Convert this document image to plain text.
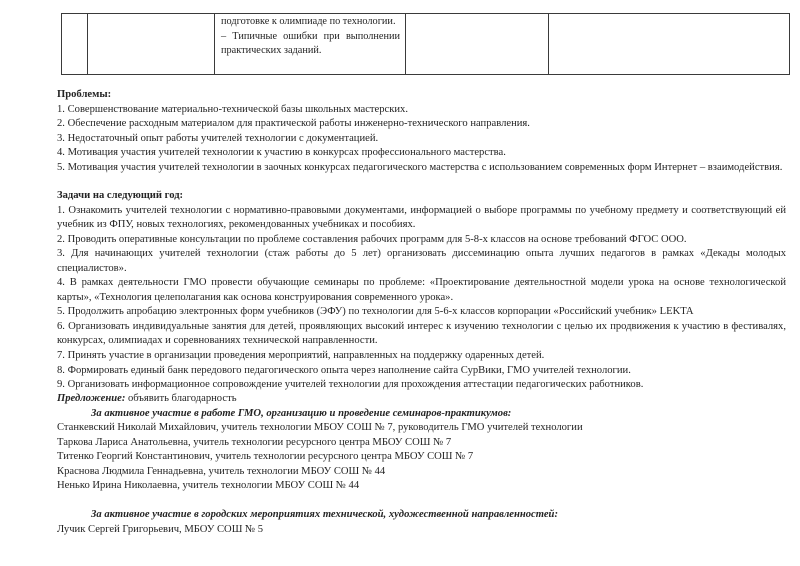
подготовке к олимпиаде по технологии.

– Типичные ошибки при выполнении практических заданий.

Проблемы:

1. Совершенствование материально-технической базы школьных мастерских.

2. Обеспечение расходным материалом для практической работы инженерно-технического направления.

3. Недостаточный опыт работы учителей технологии с документацией.

4. Мотивация участия учителей технологии к участию в конкурсах профессионального мастерства.

5. Мотивация участия учителей технологии в заочных конкурсах педагогического мастерства с использованием современных форм Интернет – взаимодействия.

Задачи на следующий год:

1. Ознакомить учителей технологии с нормативно-правовыми документами, информацией о выборе программы по учебному предмету и соответствующий ей учебник из ФПУ, новых технологиях, рекомендованных учебниках и пособиях.

2. Проводить оперативные консультации по проблеме составления рабочих программ для 5-8-х классов на основе требований ФГОС ООО.

3. Для начинающих учителей технологии (стаж работы до 5 лет) организовать диссеминацию опыта лучших педагогов в рамках «Декады молодых специалистов».

4. В рамках деятельности ГМО провести обучающие семинары по проблеме: «Проектирование деятельностной модели урока на основе технологической карты», «Технология целеполагания как основа конструирования современного урока».

5. Продолжить апробацию электронных форм учебников (ЭФУ) по технологии для 5-6-х классов корпорации «Российский учебник» LEKTA

6. Организовать индивидуальные занятия для детей, проявляющих высокий интерес к изучению технологии с целью их продвижения к участию в фестивалях, конкурсах, олимпиадах и соревнованиях технической направленности.

7. Принять участие в организации проведения мероприятий, направленных на поддержку одаренных детей.

8. Формировать единый банк передового педагогического опыта через наполнение сайта СурВики, ГМО учителей технологии.

9. Организовать информационное сопровождение учителей технологии для прохождения аттестации педагогических работников.

Предложение: объявить благодарность

За активное участие в работе ГМО, организацию и проведение семинаров-практикумов:

Станкевский Николай Михайлович, учитель технологии МБОУ СОШ № 7, руководитель ГМО учителей технологии

Таркова Лариса Анатольевна, учитель технологии ресурсного центра МБОУ СОШ № 7

Титенко Георгий Константинович, учитель технологии ресурсного центра МБОУ СОШ № 7

Краснова Людмила Геннадьевна, учитель технологии МБОУ СОШ № 44

Ненько Ирина Николаевна, учитель технологии МБОУ СОШ № 44

За активное участие в городских мероприятиях технической, художественной направленностей:

Лучик Сергей Григорьевич, МБОУ СОШ № 5
